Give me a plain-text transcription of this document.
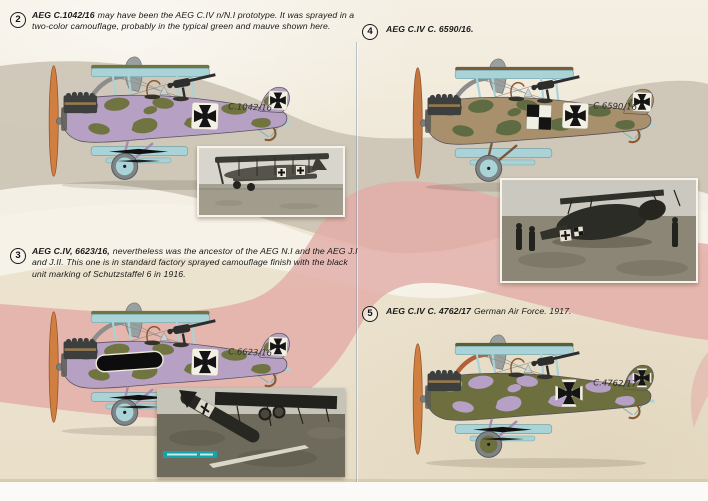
2	AEG C.1042/16 may have been the AEG C.IV n/N.I prototype. It was sprayed in a two-color camouflage, probably in the typical green and mauve shown here.

C.1042/16
3	AEG C.IV, 6623/16, nevertheless was the ancestor of the AEG N.I and the AEG J.I and J.II. This one is in standard factory sprayed camouflage finish with the black unit marking of Schutzstaffel 6 in 1916.

C.6623/16
4	AEG C.IV C. 6590/16.

C.6590/16
5	AEG C.IV C. 4762/17 German Air Force. 1917.

C.4762/17
